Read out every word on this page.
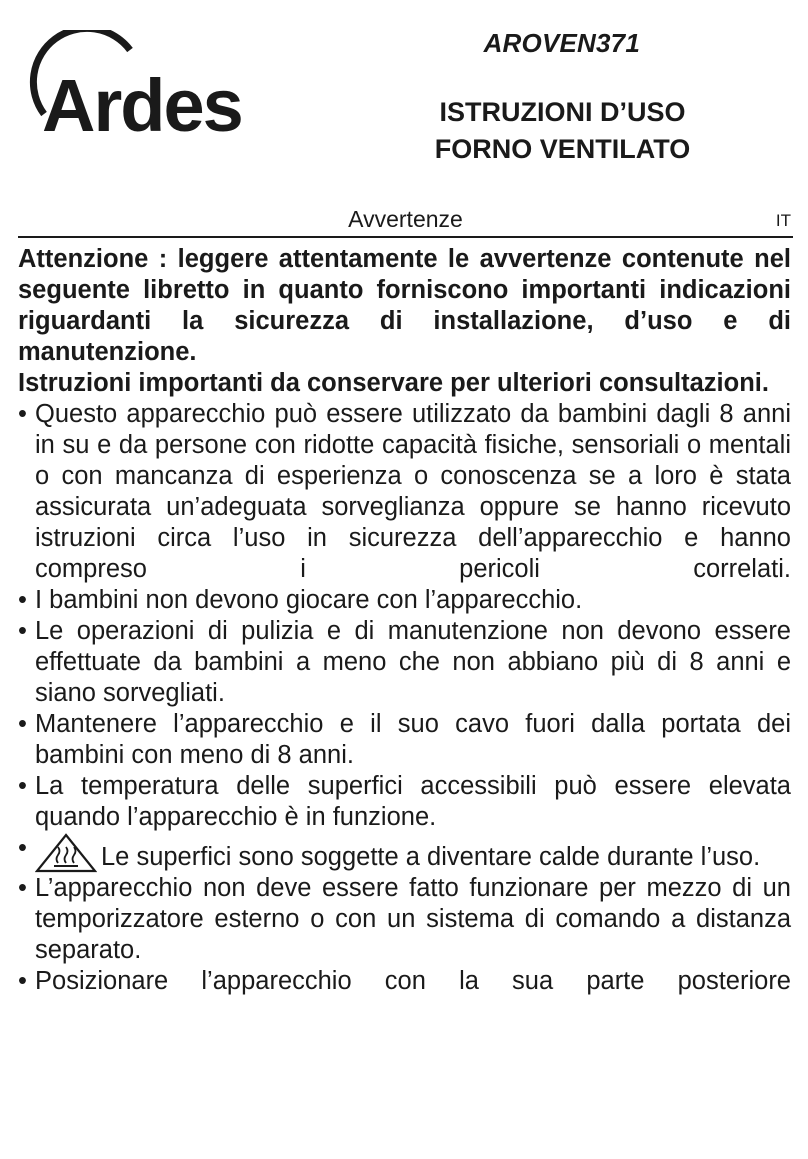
Ardes
AROVEN371
ISTRUZIONI D’USO
FORNO VENTILATO
Avvertenze	IT

Attenzione : leggere attentamente le avvertenze contenute nel seguente libretto in quanto forniscono importanti indicazioni riguardanti la sicurezza di installazione, d’uso e di manutenzione.

Istruzioni importanti da conservare per ulteriori consultazioni.

• Questo apparecchio può essere utilizzato da bambini dagli 8 anni in su e da persone con ridotte capacità fisiche, sensoriali o mentali o con mancanza di esperienza o conoscenza se a loro è stata assicurata un’adeguata sorveglianza oppure se hanno ricevuto istruzioni circa l’uso in sicurezza dell’apparecchio e hanno compreso i pericoli correlati.
• I bambini non devono giocare con l’apparecchio.
• Le operazioni di pulizia e di manutenzione non devono essere effettuate da bambini a meno che non abbiano più di 8 anni e siano sorvegliati.
• Mantenere l’apparecchio e il suo cavo fuori dalla portata dei bambini con meno di 8 anni.
• La temperatura delle superfici accessibili può essere elevata quando l’apparecchio è in funzione.
•	Le superfici sono soggette a diventare calde durante l’uso.
• L’apparecchio non deve essere fatto funzionare per mezzo di un temporizzatore esterno o con un sistema di comando a distanza separato.
• Posizionare l’apparecchio con la sua parte posteriore
